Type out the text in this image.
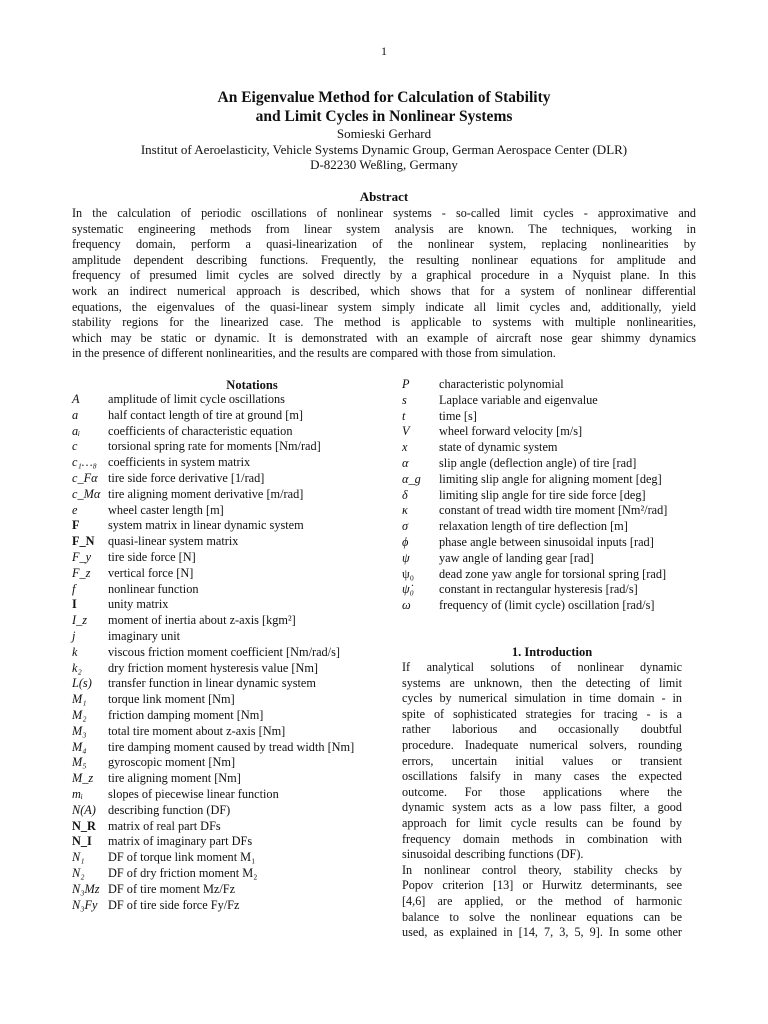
1
An Eigenvalue Method for Calculation of Stability
and Limit Cycles in Nonlinear Systems
Somieski Gerhard
Institut of Aeroelasticity, Vehicle Systems Dynamic Group, German Aerospace Center (DLR)
D-82230 Weßling, Germany
Abstract
In the calculation of periodic oscillations of nonlinear systems - so-called limit cycles - approximative and
systematic engineering methods from linear system analysis are known. The techniques, working in
frequency domain, perform a quasi-linearization of the nonlinear system, replacing nonlinearities by
amplitude dependent describing functions. Frequently, the resulting nonlinear equations for amplitude and
frequency of presumed limit cycles are solved directly by a graphical procedure in a Nyquist plane. In this
work an indirect numerical approach is described, which shows that for a system of nonlinear differential
equations, the eigenvalues of the quasi-linear system simply indicate all limit cycles and, additionally, yield
stability regions for the linearized case. The method is applicable to systems with multiple nonlinearities,
which may be static or dynamic. It is demonstrated with an example of aircraft nose gear shimmy dynamics
in the presence of different nonlinearities, and the results are compared with those from simulation.
Notations
A	amplitude of limit cycle oscillations
a	half contact length of tire at ground [m]
aᵢ	coefficients of characteristic equation
c	torsional spring rate for moments [Nm/rad]
c₁…₈ coefficients in system matrix
c_Fα tire side force derivative [1/rad]
c_Mα tire aligning moment derivative [m/rad]
e	wheel caster length [m]
F	system matrix in linear dynamic system
F_N	quasi-linear system matrix
F_y	tire side force [N]
F_z	vertical force [N]
f	nonlinear function
I	unity matrix
I_z	moment of inertia about z-axis [kgm²]
j	imaginary unit
k	viscous friction moment coefficient [Nm/rad/s]
k₂	dry friction moment hysteresis value [Nm]
L(s)	transfer function in linear dynamic system
M₁	torque link moment [Nm]
M₂	friction damping moment [Nm]
M₃	total tire moment about z-axis [Nm]
M₄	tire damping moment caused by tread width [Nm]
M₅	gyroscopic moment [Nm]
M_z	tire aligning moment [Nm]
mᵢ	slopes of piecewise linear function
N(A) describing function (DF)
N_R matrix of real part DFs
N_I	matrix of imaginary part DFs
N₁	DF of torque link moment M₁
N₂	DF of dry friction moment M₂
N₃Mz DF of tire moment Mz/Fz
N₃Fy DF of tire side force Fy/Fz
P	characteristic polynomial
s	Laplace variable and eigenvalue
t	time [s]
V	wheel forward velocity [m/s]
x	state of dynamic system
α	slip angle (deflection angle) of tire [rad]
α_g	limiting slip angle for aligning moment [deg]
δ	limiting slip angle for tire side force [deg]
κ	constant of tread width tire moment [Nm²/rad]
σ	relaxation length of tire deflection [m]
ϕ	phase angle between sinusoidal inputs [rad]
ψ	yaw angle of landing gear [rad]
ψ₀	dead zone yaw angle for torsional spring [rad]
ψ̇₀	constant in rectangular hysteresis [rad/s]
ω	frequency of (limit cycle) oscillation [rad/s]
1. Introduction
If analytical solutions of nonlinear dynamic
systems are unknown, then the detecting of limit
cycles by numerical simulation in time domain - in
spite of sophisticated strategies for tracing - is a
rather laborious and occasionally doubtful
procedure. Inadequate numerical solvers, rounding
errors, uncertain initial values or transient
oscillations falsify in many cases the expected
outcome. For those applications where the
dynamic system acts as a low pass filter, a good
approach for limit cycle results can be found by
frequency domain methods in combination with
sinusoidal describing functions (DF).
In nonlinear control theory, stability checks by
Popov criterion [13] or Hurwitz determinants, see
[4,6] are applied, or the method of harmonic
balance to solve the nonlinear equations can be
used, as explained in [14, 7, 3, 5, 9]. In some other
